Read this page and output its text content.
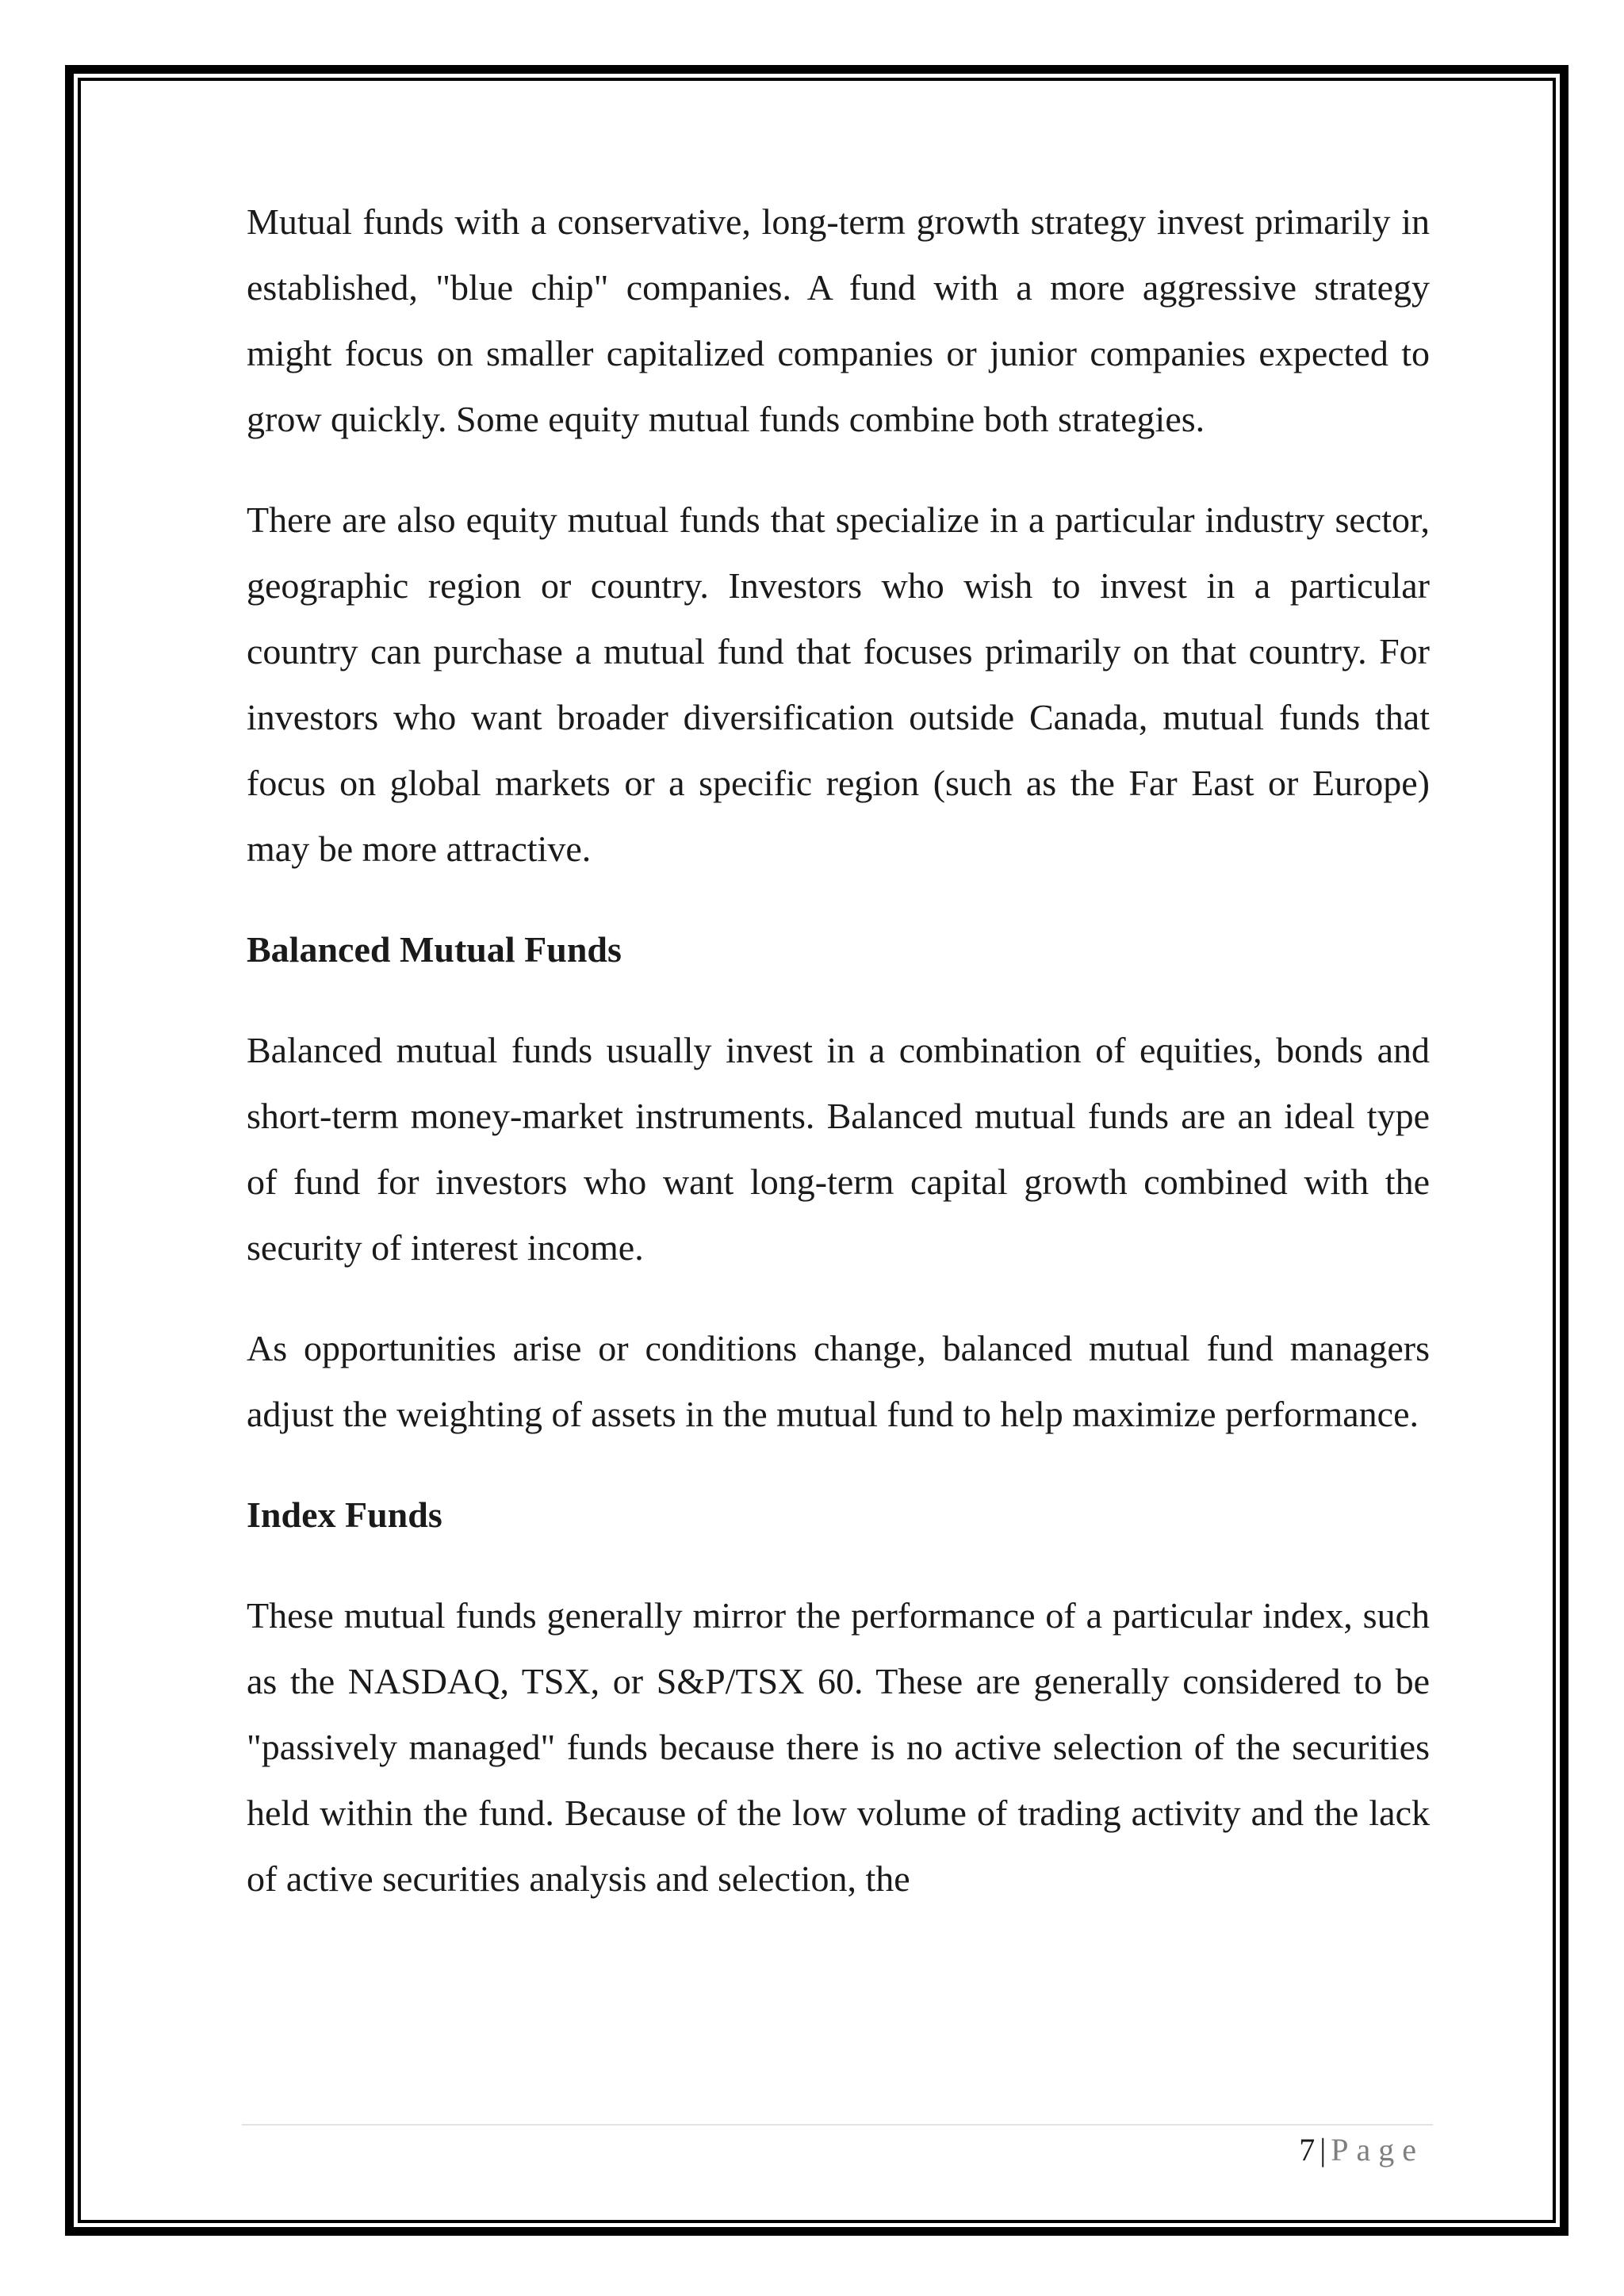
Mutual funds with a conservative, long-term growth strategy invest primarily in established, "blue chip" companies. A fund with a more aggressive strategy might focus on smaller capitalized companies or junior companies expected to grow quickly. Some equity mutual funds combine both strategies.

There are also equity mutual funds that specialize in a particular industry sector, geographic region or country. Investors who wish to invest in a particular country can purchase a mutual fund that focuses primarily on that country. For investors who want broader diversification outside Canada, mutual funds that focus on global markets or a specific region (such as the Far East or Europe) may be more attractive.

Balanced Mutual Funds

Balanced mutual funds usually invest in a combination of equities, bonds and short-term money-market instruments. Balanced mutual funds are an ideal type of fund for investors who want long-term capital growth combined with the security of interest income.

As opportunities arise or conditions change, balanced mutual fund managers adjust the weighting of assets in the mutual fund to help maximize performance.

Index Funds

These mutual funds generally mirror the performance of a particular index, such as the NASDAQ, TSX, or S&P/TSX 60. These are generally considered to be "passively managed" funds because there is no active selection of the securities held within the fund. Because of the low volume of trading activity and the lack of active securities analysis and selection, the

7 | Page
